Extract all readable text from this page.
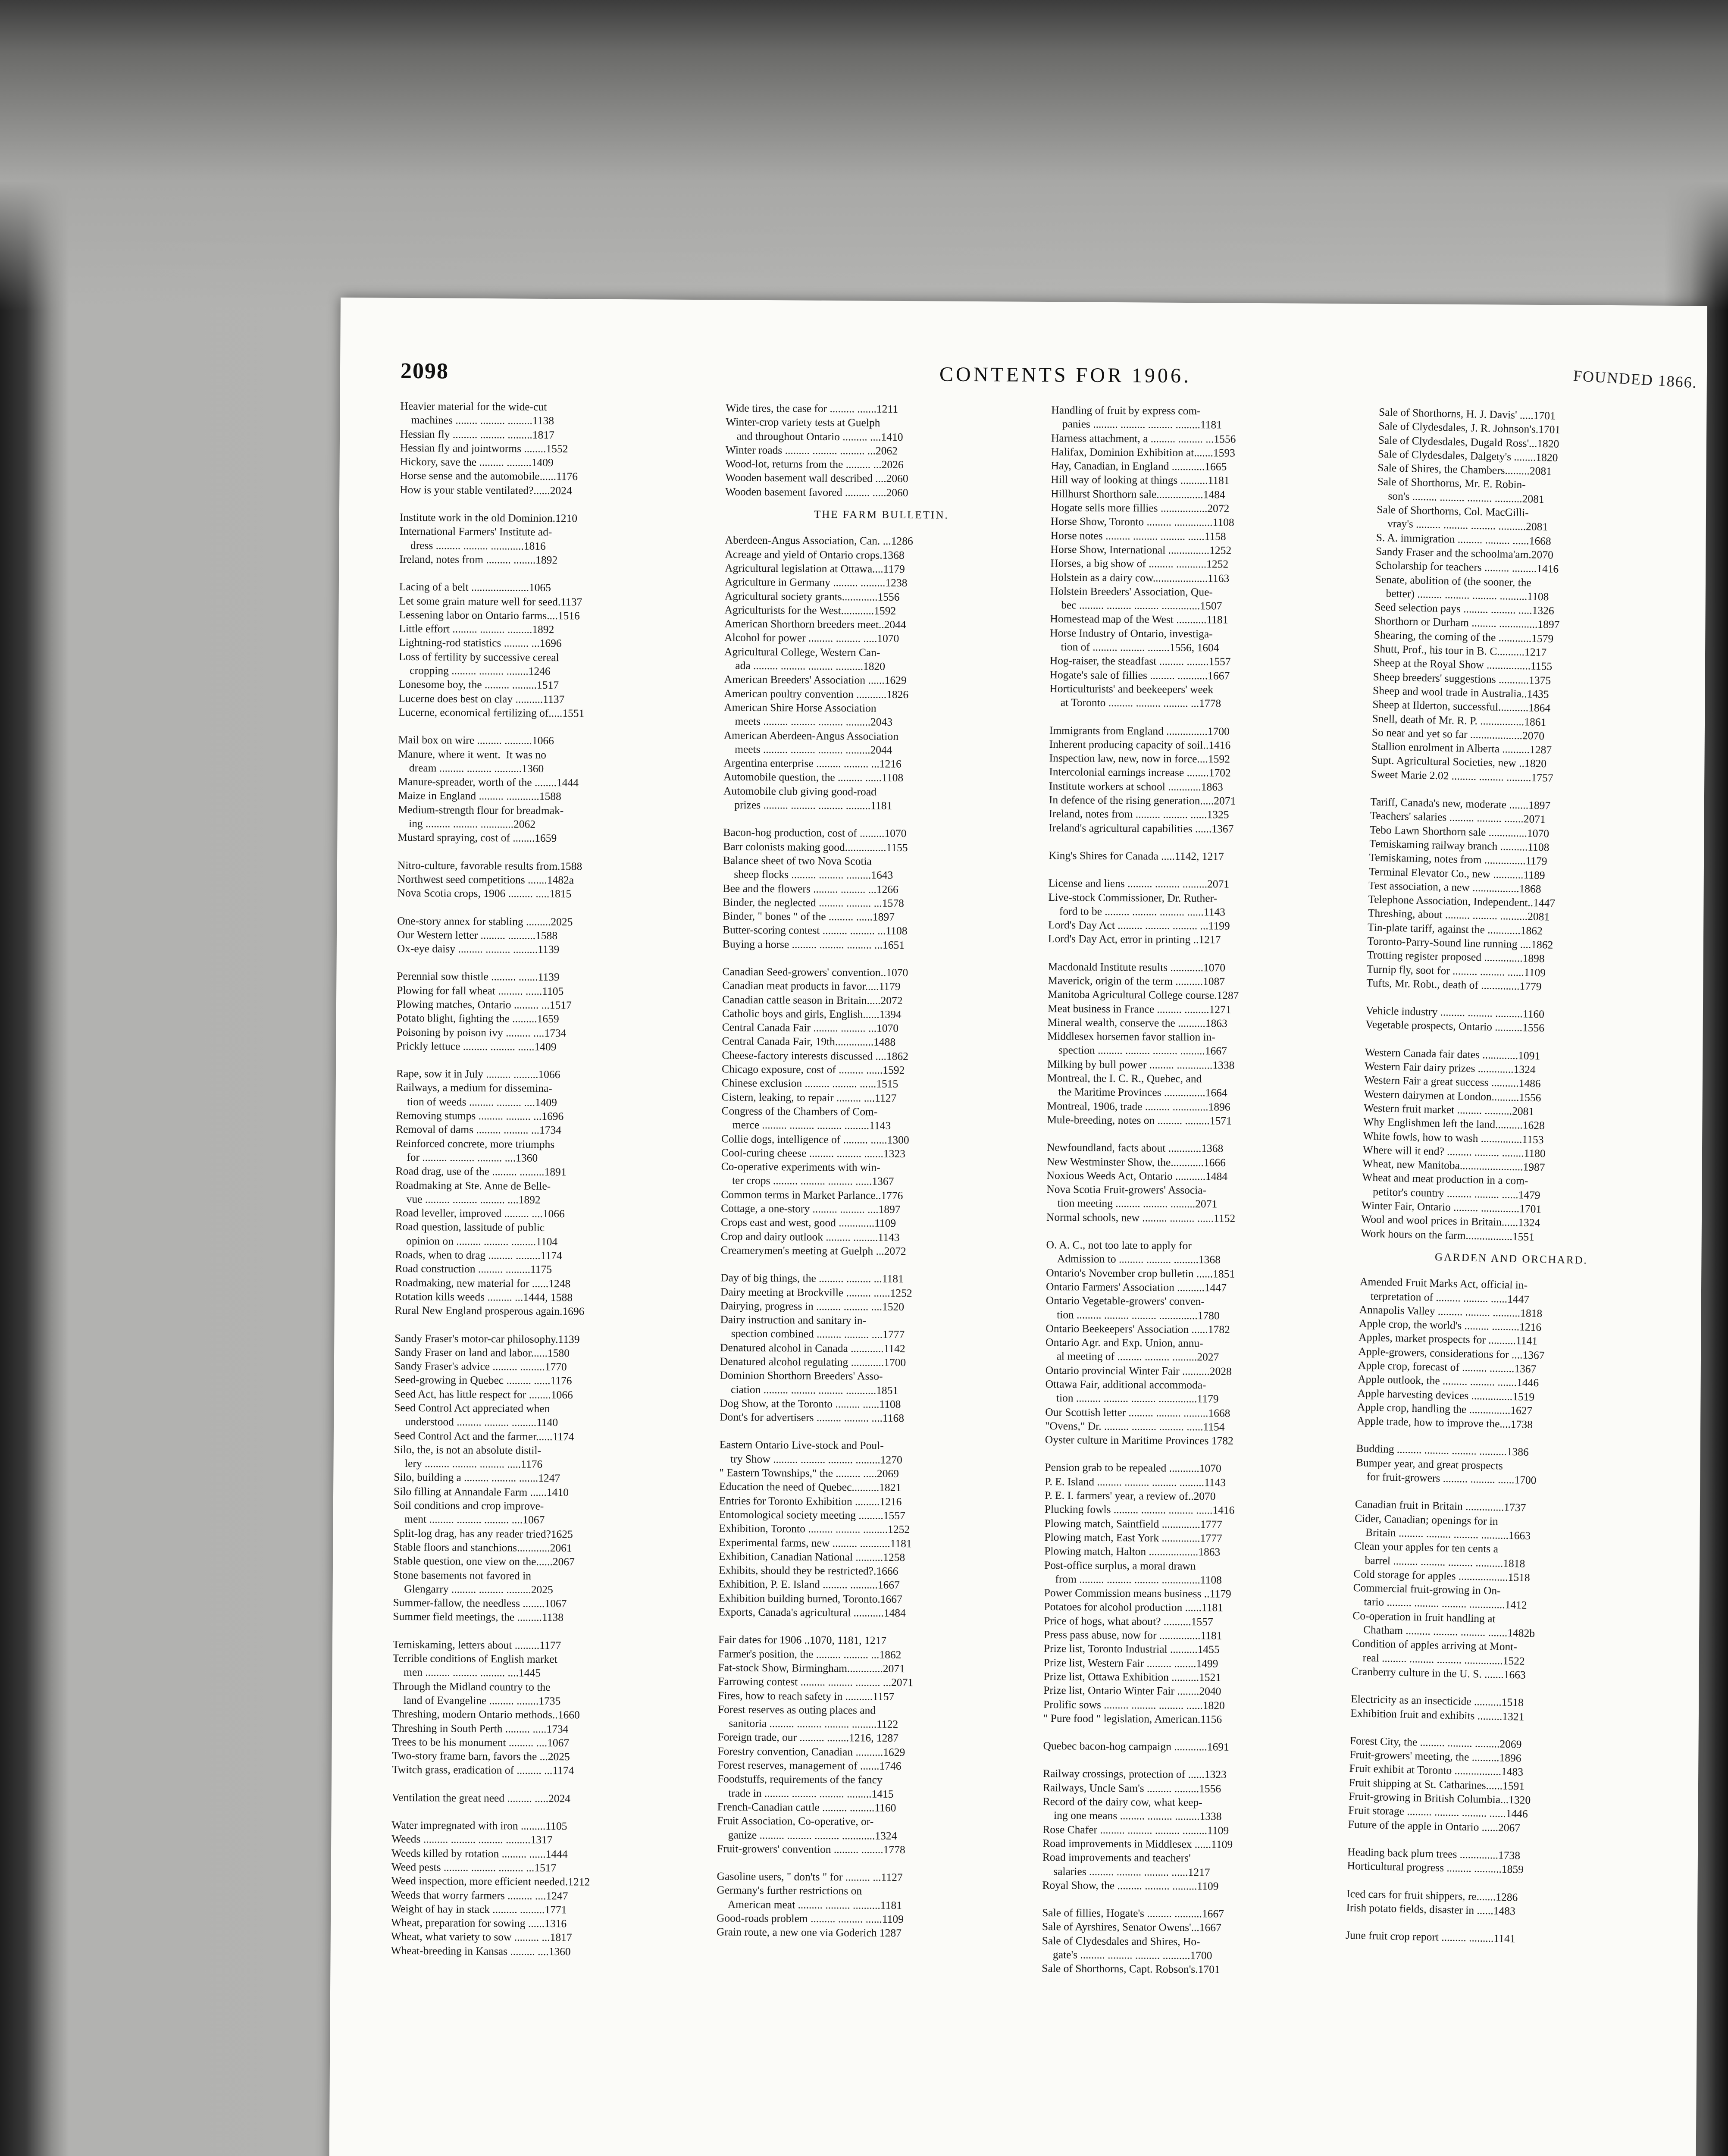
2098	CONTENTS FOR 1906.	FOUNDED 1866.
Heavier material for the wide-cut
machines ........ ......... .........1138
Hessian fly ......... ......... .........1817
Hessian fly and jointworms ........1552
Hickory, save the ......... .........1409
Horse sense and the automobile......1176
How is your stable ventilated?......2024
Institute work in the old Dominion.1210
International Farmers' Institute ad-
dress ......... ......... ............1816
Ireland, notes from ......... ........1892
Lacing of a belt .....................1065
Let some grain mature well for seed.1137
Lessening labor on Ontario farms....1516
Little effort ......... ......... .........1892
Lightning-rod statistics ......... ...1696
Loss of fertility by successive cereal
cropping ......... ......... ........1246
Lonesome boy, the ......... .........1517
Lucerne does best on clay ..........1137
Lucerne, economical fertilizing of.....1551
Mail box on wire ......... ..........1066
Manure, where it went.  It was no
dream ......... ......... ..........1360
Manure-spreader, worth of the ........1444
Maize in England ......... ............1588
Medium-strength flour for breadmak-
ing ......... ......... ............2062
Mustard spraying, cost of ........1659
Nitro-culture, favorable results from.1588
Northwest seed competitions .......1482a
Nova Scotia crops, 1906 ......... .....1815
One-story annex for stabling .........2025
Our Western letter ......... ..........1588
Ox-eye daisy ......... ......... .........1139
Perennial sow thistle ......... .......1139
Plowing for fall wheat ......... ......1105
Plowing matches, Ontario ......... ...1517
Potato blight, fighting the .........1659
Poisoning by poison ivy ......... ....1734
Prickly lettuce ......... ......... ......1409
Rape, sow it in July ......... .........1066
Railways, a medium for dissemina-
tion of weeds ......... ......... ....1409
Removing stumps ......... ......... ...1696
Removal of dams ......... ......... ...1734
Reinforced concrete, more triumphs
for ......... ......... ......... ....1360
Road drag, use of the ......... .........1891
Roadmaking at Ste. Anne de Belle-
vue ......... ......... ......... ....1892
Road leveller, improved ......... ....1066
Road question, lassitude of public
opinion on ......... ......... .........1104
Roads, when to drag ......... .........1174
Road construction ......... .........1175
Roadmaking, new material for ......1248
Rotation kills weeds ......... ...1444, 1588
Rural New England prosperous again.1696
Sandy Fraser's motor-car philosophy.1139
Sandy Fraser on land and labor......1580
Sandy Fraser's advice ......... .........1770
Seed-growing in Quebec ......... ......1176
Seed Act, has little respect for ........1066
Seed Control Act appreciated when
understood ......... ......... .........1140
Seed Control Act and the farmer......1174
Silo, the, is not an absolute distil-
lery ......... ......... ......... .....1176
Silo, building a ......... ......... .......1247
Silo filling at Annandale Farm ......1410
Soil conditions and crop improve-
ment ......... ......... ......... ....1067
Split-log drag, has any reader tried?1625
Stable floors and stanchions............2061
Stable question, one view on the......2067
Stone basements not favored in
Glengarry ......... ......... .........2025
Summer-fallow, the needless ........1067
Summer field meetings, the .........1138
Temiskaming, letters about .........1177
Terrible conditions of English market
men ......... ......... ......... ....1445
Through the Midland country to the
land of Evangeline ......... ........1735
Threshing, modern Ontario methods..1660
Threshing in South Perth ......... .....1734
Trees to be his monument ......... ....1067
Two-story frame barn, favors the ...2025
Twitch grass, eradication of ......... ...1174
Ventilation the great need ......... .....2024
Water impregnated with iron .........1105
Weeds ......... ......... ......... .........1317
Weeds killed by rotation ......... ......1444
Weed pests ......... ......... ......... ...1517
Weed inspection, more efficient needed.1212
Weeds that worry farmers ......... ....1247
Weight of hay in stack ......... .........1771
Wheat, preparation for sowing ......1316
Wheat, what variety to sow ......... ...1817
Wheat-breeding in Kansas ......... ....1360
Wide tires, the case for ......... .......1211
Winter-crop variety tests at Guelph
and throughout Ontario ......... ....1410
Winter roads ......... ......... ......... ...2062
Wood-lot, returns from the ......... ...2026
Wooden basement wall described ....2060
Wooden basement favored ......... .....2060
THE FARM BULLETIN.
Aberdeen-Angus Association, Can. ...1286
Acreage and yield of Ontario crops.1368
Agricultural legislation at Ottawa....1179
Agriculture in Germany ......... .........1238
Agricultural society grants.............1556
Agriculturists for the West............1592
American Shorthorn breeders meet..2044
Alcohol for power ......... ......... .....1070
Agricultural College, Western Can-
ada ......... ......... ......... ..........1820
American Breeders' Association ......1629
American poultry convention ...........1826
American Shire Horse Association
meets ......... ......... ......... .........2043
American Aberdeen-Angus Association
meets ......... ......... ......... .........2044
Argentina enterprise ......... ......... ...1216
Automobile question, the ......... ......1108
Automobile club giving good-road
prizes ......... ......... ......... .........1181
Bacon-hog production, cost of .........1070
Barr colonists making good...............1155
Balance sheet of two Nova Scotia
sheep flocks ......... ......... .........1643
Bee and the flowers ......... ......... ...1266
Binder, the neglected ......... ......... ...1578
Binder, " bones " of the ......... ......1897
Butter-scoring contest ......... ......... ...1108
Buying a horse ......... ......... ......... ...1651
Canadian Seed-growers' convention..1070
Canadian meat products in favor.....1179
Canadian cattle season in Britain.....2072
Catholic boys and girls, English......1394
Central Canada Fair ......... ......... ...1070
Central Canada Fair, 19th..............1488
Cheese-factory interests discussed ....1862
Chicago exposure, cost of ......... ......1592
Chinese exclusion ......... ......... ......1515
Cistern, leaking, to repair ......... ....1127
Congress of the Chambers of Com-
merce ......... ......... ......... .........1143
Collie dogs, intelligence of ......... ......1300
Cool-curing cheese ......... ......... .......1323
Co-operative experiments with win-
ter crops ......... ......... ......... ......1367
Common terms in Market Parlance..1776
Cottage, a one-story ......... ......... ....1897
Crops east and west, good .............1109
Crop and dairy outlook ......... .........1143
Creamerymen's meeting at Guelph ...2072
Day of big things, the ......... ......... ...1181
Dairy meeting at Brockville ......... ......1252
Dairying, progress in ......... ......... ....1520
Dairy instruction and sanitary in-
spection combined ......... ......... ....1777
Denatured alcohol in Canada ............1142
Denatured alcohol regulating ............1700
Dominion Shorthorn Breeders' Asso-
ciation ......... ......... ......... ...........1851
Dog Show, at the Toronto ......... ......1108
Dont's for advertisers ......... ......... ....1168
Eastern Ontario Live-stock and Poul-
try Show ......... ......... ......... .........1270
" Eastern Townships," the ......... .....2069
Education the need of Quebec..........1821
Entries for Toronto Exhibition .........1216
Entomological society meeting .........1557
Exhibition, Toronto ......... ......... .........1252
Experimental farms, new ......... ...........1181
Exhibition, Canadian National ..........1258
Exhibits, should they be restricted?.1666
Exhibition, P. E. Island ......... ..........1667
Exhibition building burned, Toronto.1667
Exports, Canada's agricultural ...........1484
Fair dates for 1906 ..1070, 1181, 1217
Farmer's position, the ......... ......... ...1862
Fat-stock Show, Birmingham.............2071
Farrowing contest ......... ......... ......... ...2071
Fires, how to reach safety in ..........1157
Forest reserves as outing places and
sanitoria ......... ......... ......... .........1122
Foreign trade, our ......... ........1216, 1287
Forestry convention, Canadian ..........1629
Forest reserves, management of .......1746
Foodstuffs, requirements of the fancy
trade in ......... ......... ......... .........1415
French-Canadian cattle ......... .........1160
Fruit Association, Co-operative, or-
ganize ......... ......... ......... ............1324
Fruit-growers' convention ......... ........1778
Gasoline users, " don'ts " for ......... ...1127
Germany's further restrictions on
American meat ......... ......... ..........1181
Good-roads problem ......... ......... ......1109
Grain route, a new one via Goderich 1287
Handling of fruit by express com-
panies ......... ......... ......... .........1181
Harness attachment, a ......... ......... ...1556
Halifax, Dominion Exhibition at.......1593
Hay, Canadian, in England ............1665
Hill way of looking at things ..........1181
Hillhurst Shorthorn sale.................1484
Hogate sells more fillies .................2072
Horse Show, Toronto ......... ..............1108
Horse notes ......... ......... ......... ......1158
Horse Show, International ...............1252
Horses, a big show of ......... ...........1252
Holstein as a dairy cow....................1163
Holstein Breeders' Association, Que-
bec ......... ......... ......... ..............1507
Homestead map of the West ...........1181
Horse Industry of Ontario, investiga-
tion of ......... ......... ........1556, 1604
Hog-raiser, the steadfast ......... ........1557
Hogate's sale of fillies ......... ...........1667
Horticulturists' and beekeepers' week
at Toronto ......... ......... ......... ...1778
Immigrants from England ...............1700
Inherent producing capacity of soil..1416
Inspection law, new, now in force....1592
Intercolonial earnings increase ........1702
Institute workers at school ............1863
In defence of the rising generation.....2071
Ireland, notes from ......... ......... ......1325
Ireland's agricultural capabilities ......1367
King's Shires for Canada .....1142, 1217
License and liens ......... ......... .........2071
Live-stock Commissioner, Dr. Ruther-
ford to be ......... ......... ......... ......1143
Lord's Day Act ......... ......... ......... ...1199
Lord's Day Act, error in printing ..1217
Macdonald Institute results ............1070
Maverick, origin of the term ..........1087
Manitoba Agricultural College course.1287
Meat business in France ......... .........1271
Mineral wealth, conserve the ..........1863
Middlesex horsemen favor stallion in-
spection ......... ......... ......... .........1667
Milking by bull power ......... .............1338
Montreal, the I. C. R., Quebec, and
the Maritime Provinces ...............1664
Montreal, 1906, trade ......... .............1896
Mule-breeding, notes on ......... .........1571
Newfoundland, facts about ............1368
New Westminster Show, the............1666
Noxious Weeds Act, Ontario ...........1484
Nova Scotia Fruit-growers' Associa-
tion meeting ......... ......... .........2071
Normal schools, new ......... ......... ......1152
O. A. C., not too late to apply for
Admission to ......... ......... .........1368
Ontario's November crop bulletin ......1851
Ontario Farmers' Association ..........1447
Ontario Vegetable-growers' conven-
tion ......... ......... ......... ..............1780
Ontario Beekeepers' Association ......1782
Ontario Agr. and Exp. Union, annu-
al meeting of ......... ......... .........2027
Ontario provincial Winter Fair ..........2028
Ottawa Fair, additional accommoda-
tion ......... ......... ......... ..............1179
Our Scottish letter ......... ......... .........1668
"Ovens," Dr. ......... ......... ......... ......1154
Oyster culture in Maritime Provinces 1782
Pension grab to be repealed ...........1070
P. E. Island ......... ......... ......... .........1143
P. E. I. farmers' year, a review of..2070
Plucking fowls ......... ......... ......... ......1416
Plowing match, Saintfield ..............1777
Plowing match, East York ..............1777
Plowing match, Halton ..................1863
Post-office surplus, a moral drawn
from ......... ......... ......... ..............1108
Power Commission means business ..1179
Potatoes for alcohol production ......1181
Price of hogs, what about? ..........1557
Press pass abuse, now for ...............1181
Prize list, Toronto Industrial ..........1455
Prize list, Western Fair ......... ........1499
Prize list, Ottawa Exhibition ..........1521
Prize list, Ontario Winter Fair ........2040
Prolific sows ......... ......... ......... ......1820
" Pure food " legislation, American.1156
Quebec bacon-hog campaign ............1691
Railway crossings, protection of ......1323
Railways, Uncle Sam's ......... .........1556
Record of the dairy cow, what keep-
ing one means ......... ......... .........1338
Rose Chafer ......... ......... ......... .........1109
Road improvements in Middlesex ......1109
Road improvements and teachers'
salaries ......... ......... ......... ......1217
Royal Show, the ......... ......... .........1109
Sale of fillies, Hogate's ......... ..........1667
Sale of Ayrshires, Senator Owens'...1667
Sale of Clydesdales and Shires, Ho-
gate's ......... ......... ......... ..........1700
Sale of Shorthorns, Capt. Robson's.1701
Sale of Shorthorns, H. J. Davis' .....1701
Sale of Clydesdales, J. R. Johnson's.1701
Sale of Clydesdales, Dugald Ross'...1820
Sale of Clydesdales, Dalgety's ........1820
Sale of Shires, the Chambers.........2081
Sale of Shorthorns, Mr. E. Robin-
son's ......... ......... ......... ..........2081
Sale of Shorthorns, Col. MacGilli-
vray's ......... ......... ......... ..........2081
S. A. immigration ......... ......... ......1668
Sandy Fraser and the schoolma'am.2070
Scholarship for teachers ......... .........1416
Senate, abolition of (the sooner, the
better) ......... ......... ......... ..........1108
Seed selection pays ......... ......... .....1326
Shorthorn or Durham ......... ..............1897
Shearing, the coming of the ............1579
Shutt, Prof., his tour in B. C..........1217
Sheep at the Royal Show ................1155
Sheep breeders' suggestions ...........1375
Sheep and wool trade in Australia..1435
Sheep at Ilderton, successful...........1864
Snell, death of Mr. R. P. ................1861
So near and yet so far ...................2070
Stallion enrolment in Alberta ..........1287
Supt. Agricultural Societies, new ..1820
Sweet Marie 2.02 ......... ......... .........1757
Tariff, Canada's new, moderate .......1897
Teachers' salaries ......... ......... .......2071
Tebo Lawn Shorthorn sale ..............1070
Temiskaming railway branch ..........1108
Temiskaming, notes from ...............1179
Terminal Elevator Co., new ...........1189
Test association, a new .................1868
Telephone Association, Independent..1447
Threshing, about ......... ......... ..........2081
Tin-plate tariff, against the ............1862
Toronto-Parry-Sound line running ....1862
Trotting register proposed ..............1898
Turnip fly, soot for ......... ......... ......1109
Tufts, Mr. Robt., death of ..............1779
Vehicle industry ......... ......... ..........1160
Vegetable prospects, Ontario ..........1556
Western Canada fair dates .............1091
Western Fair dairy prizes .............1324
Western Fair a great success ..........1486
Western dairymen at London..........1556
Western fruit market ......... ..........2081
Why Englishmen left the land..........1628
White fowls, how to wash ...............1153
Where will it end? ......... ......... ........1180
Wheat, new Manitoba.......................1987
Wheat and meat production in a com-
petitor's country ......... ......... ......1479
Winter Fair, Ontario ......... ..............1701
Wool and wool prices in Britain......1324
Work hours on the farm.................1551
GARDEN AND ORCHARD.
Amended Fruit Marks Act, official in-
terpretation of ......... ......... ......1447
Annapolis Valley ......... ......... ..........1818
Apple crop, the world's ......... ..........1216
Apples, market prospects for ..........1141
Apple-growers, considerations for ....1367
Apple crop, forecast of ......... .........1367
Apple outlook, the ......... ......... .......1446
Apple harvesting devices ...............1519
Apple crop, handling the ...............1627
Apple trade, how to improve the....1738
Budding ......... ......... ......... ..........1386
Bumper year, and great prospects
for fruit-growers ......... ......... ......1700
Canadian fruit in Britain ..............1737
Cider, Canadian; openings for in
Britain ......... ......... ......... ..........1663
Clean your apples for ten cents a
barrel ......... ......... ......... ..........1818
Cold storage for apples ..................1518
Commercial fruit-growing in On-
tario ......... ......... ......... .............1412
Co-operation in fruit handling at
Chatham ......... ......... ......... .......1482b
Condition of apples arriving at Mont-
real ......... ......... ......... ..............1522
Cranberry culture in the U. S. .......1663
Electricity as an insecticide ..........1518
Exhibition fruit and exhibits .........1321
Forest City, the ......... ......... .........2069
Fruit-growers' meeting, the ..........1896
Fruit exhibit at Toronto .................1483
Fruit shipping at St. Catharines......1591
Fruit-growing in British Columbia...1320
Fruit storage ......... ......... ......... ......1446
Future of the apple in Ontario ......2067
Heading back plum trees ..............1738
Horticultural progress ......... ..........1859
Iced cars for fruit shippers, re.......1286
Irish potato fields, disaster in ......1483
June fruit crop report ......... .........1141
